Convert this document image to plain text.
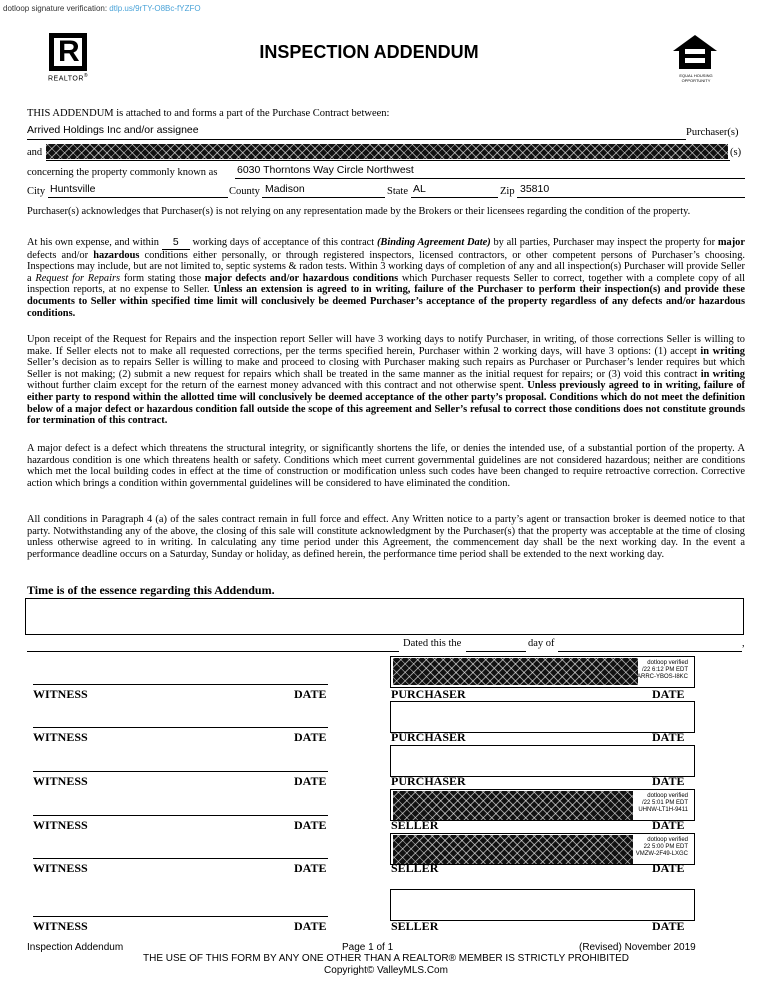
dotloop signature verification: dtlp.us/9rTY-O8Bc-fYZFO
R
REALTOR®
INSPECTION ADDENDUM
EQUAL HOUSING OPPORTUNITY
THIS ADDENDUM is attached to and forms a part of the Purchase Contract between:
Arrived Holdings Inc and/or assignee	Purchaser(s)
and	(s)
concerning the property commonly known as 6030 Thorntons Way Circle Northwest
City Huntsville	County Madison	State AL	Zip 35810

Purchaser(s) acknowledges that Purchaser(s) is not relying on any representation made by the Brokers or their licensees regarding the condition of the property.

At his own expense, and within 5 working days of acceptance of this contract (Binding Agreement Date) by all parties, Purchaser may inspect the property for major defects and/or hazardous conditions either personally, or through registered inspectors, licensed contractors, or other competent persons of Purchaser’s choosing. Inspections may include, but are not limited to, septic systems & radon tests. Within 3 working days of completion of any and all inspection(s) Purchaser will provide Seller a Request for Repairs form stating those major defects and/or hazardous conditions which Purchaser requests Seller to correct, together with a complete copy of all inspection reports, at no expense to Seller. Unless an extension is agreed to in writing, failure of the Purchaser to perform their inspection(s) and provide these documents to Seller within specified time limit will conclusively be deemed Purchaser’s acceptance of the property regardless of any defects and/or hazardous conditions.

Upon receipt of the Request for Repairs and the inspection report Seller will have 3 working days to notify Purchaser, in writing, of those corrections Seller is willing to make. If Seller elects not to make all requested corrections, per the terms specified herein, Purchaser within 2 working days, will have 3 options: (1) accept in writing Seller’s decision as to repairs Seller is willing to make and proceed to closing with Purchaser making such repairs as Purchaser or Purchaser’s lender requires but which Seller is not making; (2) submit a new request for repairs which shall be treated in the same manner as the initial request for repairs; or (3) void this contract in writing without further claim except for the return of the earnest money advanced with this contract and not otherwise spent. Unless previously agreed to in writing, failure of either party to respond within the allotted time will conclusively be deemed acceptance of the other party’s proposal. Conditions which do not meet the definition below of a major defect or hazardous condition fall outside the scope of this agreement and Seller’s refusal to correct those conditions does not constitute grounds for termination of this contract.

A major defect is a defect which threatens the structural integrity, or significantly shortens the life, or denies the intended use, of a substantial portion of the property. A hazardous condition is one which threatens health or safety. Conditions which meet current governmental guidelines are not considered hazardous; neither are conditions which met the local building codes in effect at the time of construction or modification unless such codes have been changed to require retroactive correction. Corrective action which brings a condition within governmental guidelines will be considered to have eliminated the condition.

All conditions in Paragraph 4 (a) of the sales contract remain in full force and effect. Any Written notice to a party’s agent or transaction broker is deemed notice to that party. Notwithstanding any of the above, the closing of this sale will constitute acknowledgment by the Purchaser(s) that the property was acceptable at the time of closing unless otherwise agreed to in writing. In calculating any time period under this Agreement, the commencement day shall be the next working day. In the event a performance deadline occurs on a Saturday, Sunday or holiday, as defined herein, the performance time period shall be extended to the next working day.

Time is of the essence regarding this Addendum.
Dated this the	day of	,
WITNESS	DATE
WITNESS	DATE
WITNESS	DATE
WITNESS	DATE
WITNESS	DATE
WITNESS	DATE
dotloop verified
/22 6:12 PM EDT
ARRC-YBOS-I8KC
PURCHASER	DATE
PURCHASER	DATE
PURCHASER	DATE
dotloop verified
/22 5:01 PM EDT
UHNW-LT1H-9411
SELLER	DATE
dotloop verified
22 5:00 PM EDT
VMZW-2F49-LXGC
SELLER	DATE
SELLER	DATE
Inspection Addendum	Page 1 of 1	(Revised) November 2019
THE USE OF THIS FORM BY ANY ONE OTHER THAN A REALTOR® MEMBER IS STRICTLY PROHIBITED
Copyright© ValleyMLS.Com
